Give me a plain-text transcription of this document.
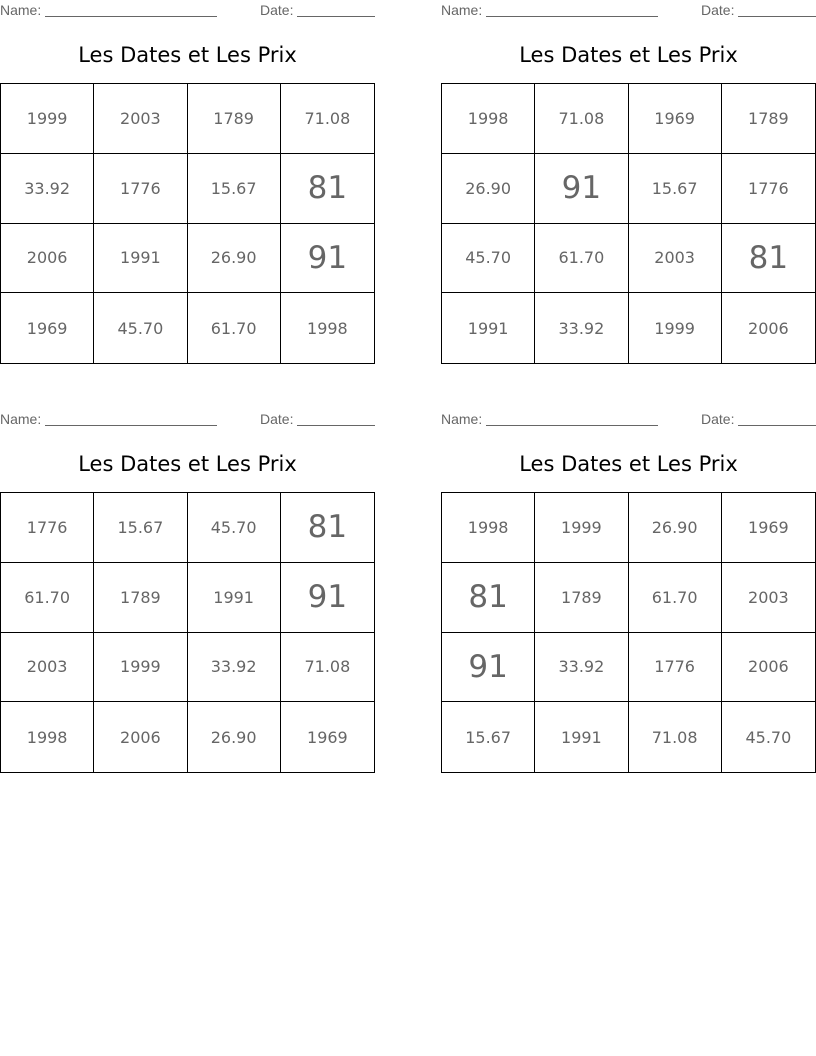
Name:	Date:
Les Dates et Les Prix
1999	2003	1789	71.08
33.92	1776	15.67	81
2006	1991	26.90	91
1969	45.70	61.70	1998
Name:	Date:
Les Dates et Les Prix
1998	71.08	1969	1789
26.90	91	15.67	1776
45.70	61.70	2003	81
1991	33.92	1999	2006
Name:	Date:
Les Dates et Les Prix
1776	15.67	45.70	81
61.70	1789	1991	91
2003	1999	33.92	71.08
1998	2006	26.90	1969
Name:	Date:
Les Dates et Les Prix
1998	1999	26.90	1969
81	1789	61.70	2003
91	33.92	1776	2006
15.67	1991	71.08	45.70
